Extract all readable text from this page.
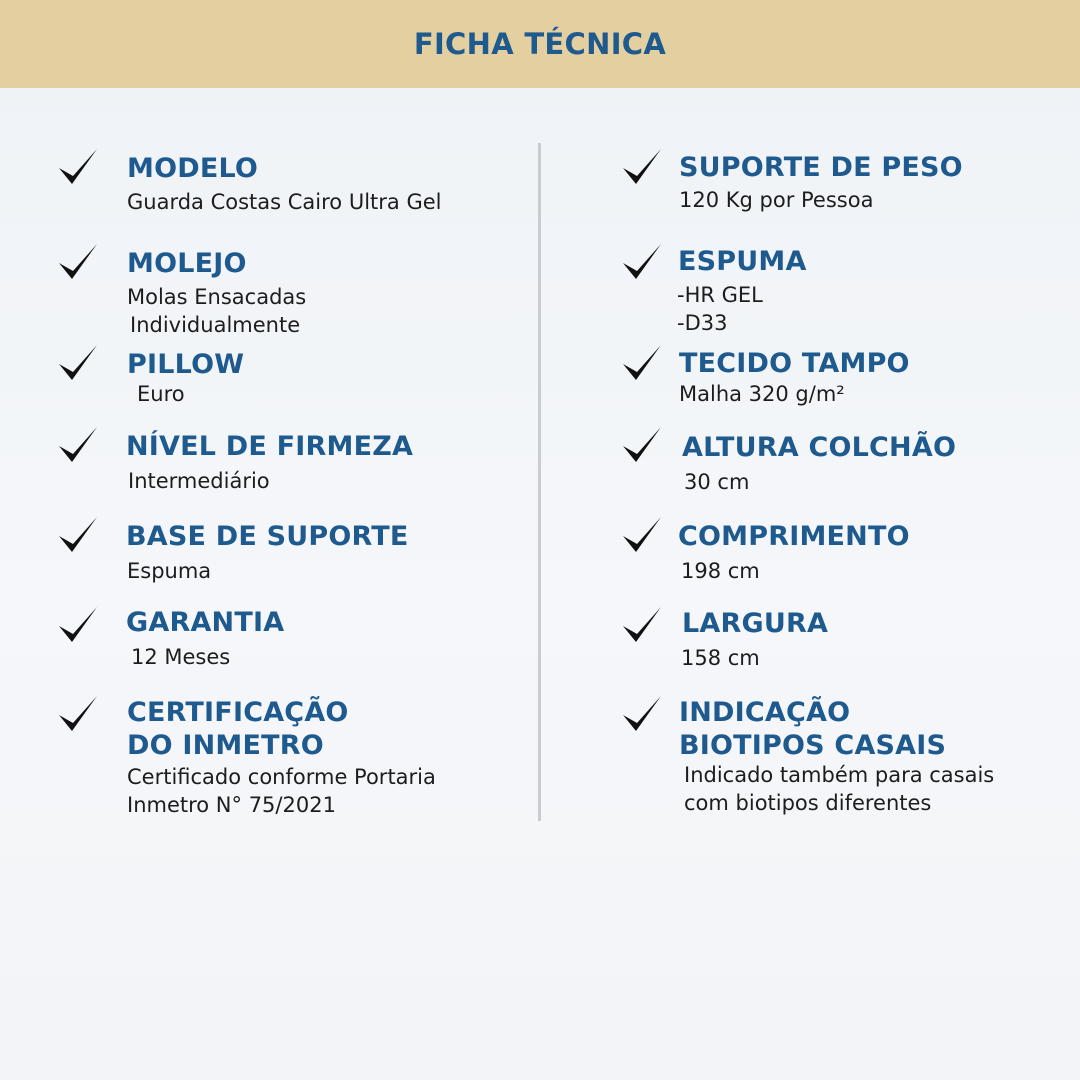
FICHA TÉCNICA
MODELO
Guarda Costas Cairo Ultra Gel
MOLEJO
Molas Ensacadas
Individualmente
PILLOW
Euro
NÍVEL DE FIRMEZA
Intermediário
BASE DE SUPORTE
Espuma
GARANTIA
12 Meses
CERTIFICAÇÃO
DO INMETRO
Certificado conforme Portaria
Inmetro N° 75/2021
SUPORTE DE PESO
120 Kg por Pessoa
ESPUMA
-HR GEL
-D33
TECIDO TAMPO
Malha 320 g/m²
ALTURA COLCHÃO
30 cm
COMPRIMENTO
198 cm
LARGURA
158 cm
INDICAÇÃO
BIOTIPOS CASAIS
Indicado também para casais
com biotipos diferentes
